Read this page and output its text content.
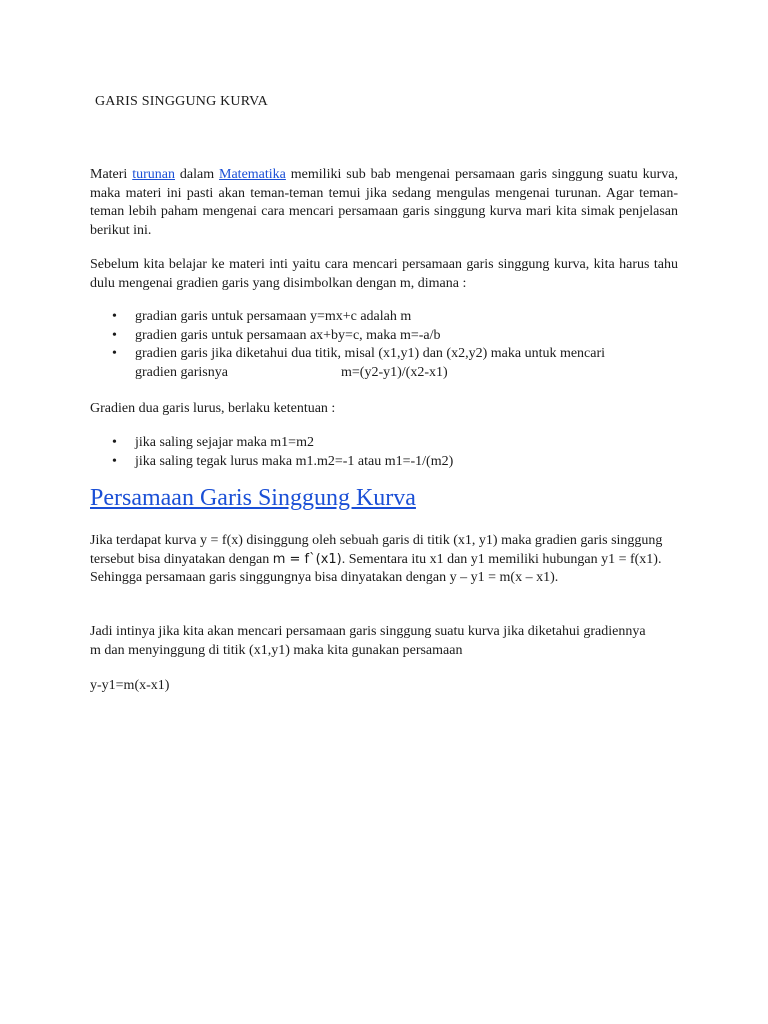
GARIS SINGGUNG KURVA
Materi turunan dalam Matematika memiliki sub bab mengenai persamaan garis singgung suatu kurva, maka materi ini pasti akan teman-teman temui jika sedang mengulas mengenai turunan. Agar teman-teman lebih paham mengenai cara mencari persamaan garis singgung kurva mari kita simak penjelasan berikut ini.
Sebelum kita belajar ke materi inti yaitu cara mencari persamaan garis singgung kurva, kita harus tahu dulu mengenai gradien garis yang disimbolkan dengan m, dimana :
• gradian garis untuk persamaan y=mx+c adalah m
• gradien garis untuk persamaan ax+by=c, maka m=-a/b
• gradien garis jika diketahui dua titik, misal (x1,y1) dan (x2,y2) maka untuk mencari
gradien garisnya	m=(y2-y1)/(x2-x1)
Gradien dua garis lurus, berlaku ketentuan :
• jika saling sejajar maka m1=m2
• jika saling tegak lurus maka m1.m2=-1 atau m1=-1/(m2)
Persamaan Garis Singgung Kurva
Jika terdapat kurva y = f(x) disinggung oleh sebuah garis di titik (x1, y1) maka gradien garis singgung tersebut bisa dinyatakan dengan m = f`(x1). Sementara itu x1 dan y1 memiliki hubungan y1 = f(x1). Sehingga persamaan garis singgungnya bisa dinyatakan dengan y – y1 = m(x – x1).
Jadi intinya jika kita akan mencari persamaan garis singgung suatu kurva jika diketahui gradiennya m dan menyinggung di titik (x1,y1) maka kita gunakan persamaan
y-y1=m(x-x1)
